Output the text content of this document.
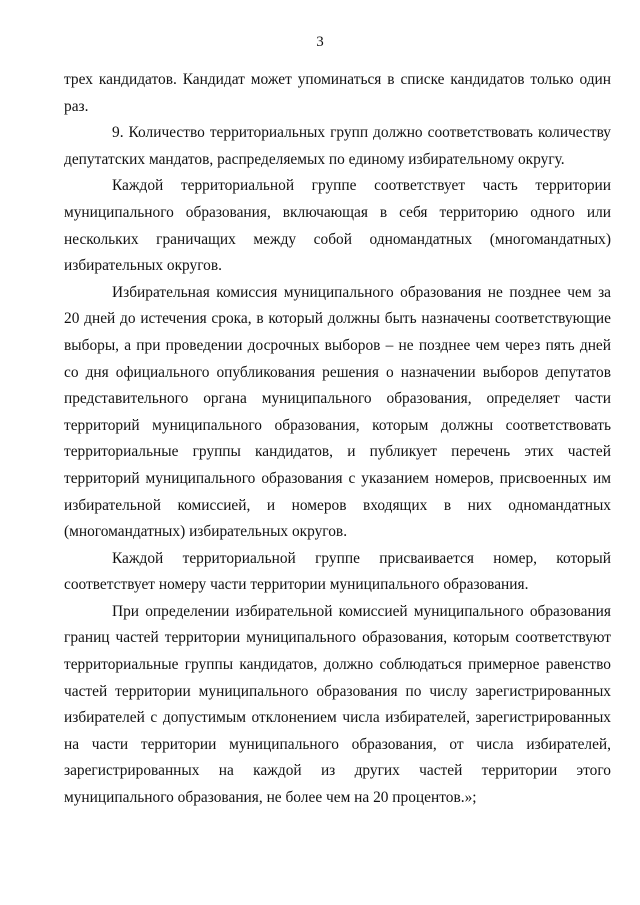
3

трех кандидатов. Кандидат может упоминаться в списке кандидатов только один раз.

9. Количество территориальных групп должно соответствовать количеству депутатских мандатов, распределяемых по единому избирательному округу.

Каждой территориальной группе соответствует часть территории муниципального образования, включающая в себя территорию одного или нескольких граничащих между собой одномандатных (многомандатных) избирательных округов.

Избирательная комиссия муниципального образования не позднее чем за 20 дней до истечения срока, в который должны быть назначены соответствующие выборы, а при проведении досрочных выборов – не позднее чем через пять дней со дня официального опубликования решения о назначении выборов депутатов представительного органа муниципального образования, определяет части территорий муниципального образования, которым должны соответствовать территориальные группы кандидатов, и публикует перечень этих частей территорий муниципального образования с указанием номеров, присвоенных им избирательной комиссией, и номеров входящих в них одномандатных (многомандатных) избирательных округов.

Каждой территориальной группе присваивается номер, который соответствует номеру части территории муниципального образования.

При определении избирательной комиссией муниципального образования границ частей территории муниципального образования, которым соответствуют территориальные группы кандидатов, должно соблюдаться примерное равенство частей территории муниципального образования по числу зарегистрированных избирателей с допустимым отклонением числа избирателей, зарегистрированных на части территории муниципального образования, от числа избирателей, зарегистрированных на каждой из других частей территории этого муниципального образования, не более чем на 20 процентов.»;
